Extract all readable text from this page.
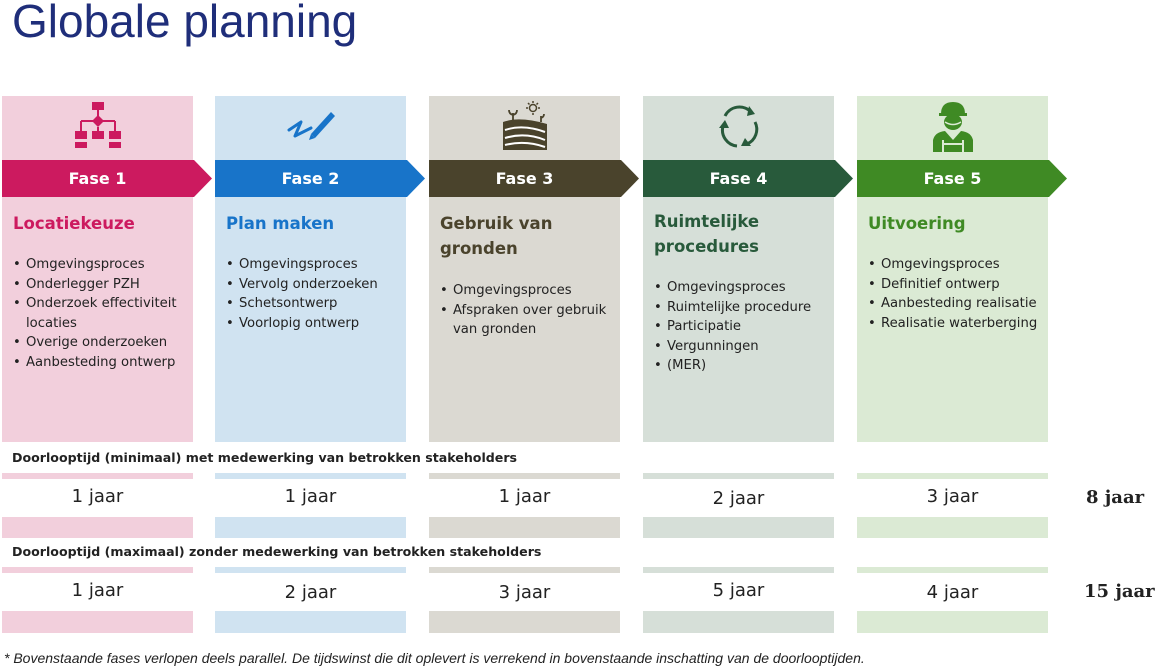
Globale planning
Doorlooptijd (minimaal) met medewerking van betrokken stakeholders
Doorlooptijd (maximaal) zonder medewerking van betrokken stakeholders
8 jaar
15 jaar
* Bovenstaande fases verlopen deels parallel. De tijdswinst die dit oplevert is verrekend in bovenstaande inschatting van de doorlooptijden.
Fase 1
Locatiekeuze
• Omgevingsproces
• Onderlegger PZH
• Onderzoek effectiviteit locaties
• Overige onderzoeken
• Aanbesteding ontwerp
1 jaar
1 jaar
Fase 2
Plan maken
• Omgevingsproces
• Vervolg onderzoeken
• Schetsontwerp
• Voorlopig ontwerp
1 jaar
2 jaar
Fase 3
Gebruik van gronden
• Omgevingsproces
• Afspraken over gebruik van gronden
1 jaar
3 jaar
Fase 4
Ruimtelijke procedures
• Omgevingsproces
• Ruimtelijke procedure
• Participatie
• Vergunningen
• (MER)
2 jaar
5 jaar
Fase 5
Uitvoering
• Omgevingsproces
• Definitief ontwerp
• Aanbesteding realisatie
• Realisatie waterberging
3 jaar
4 jaar
